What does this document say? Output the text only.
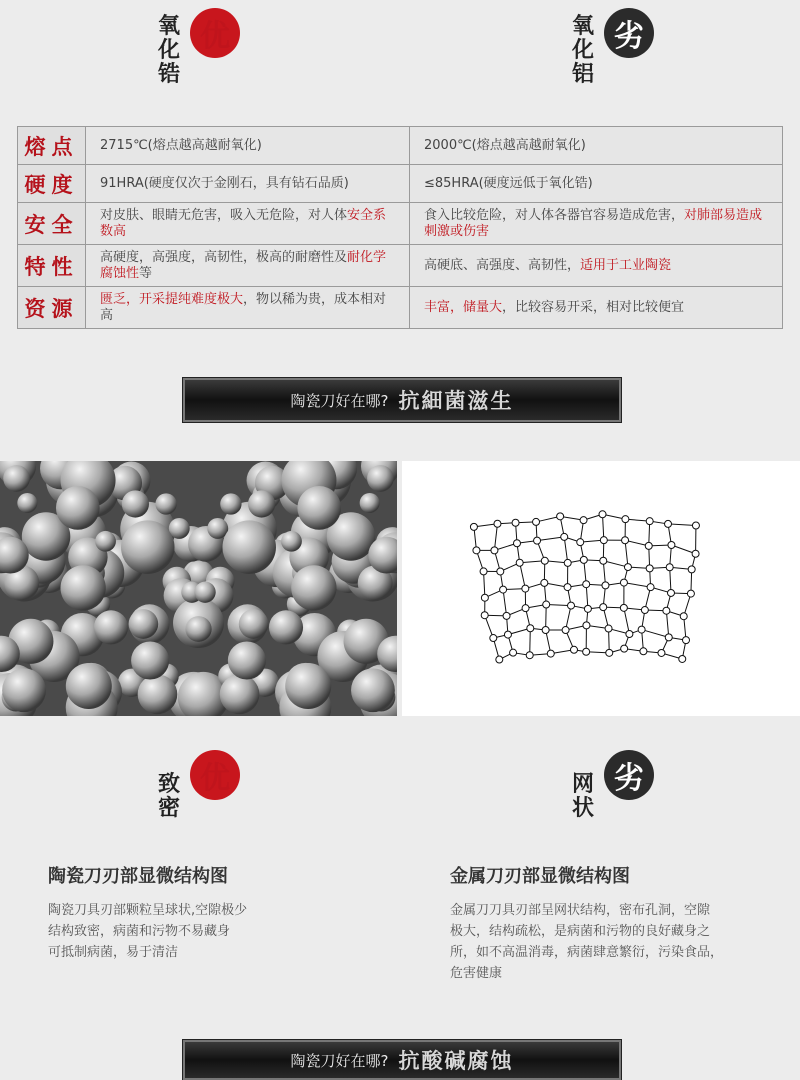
氧化锆
优	氧化铝
劣
熔点	2715℃(熔点越高越耐氧化)	2000℃(熔点越高越耐氧化)
硬度	91HRA(硬度仅次于金刚石，具有钻石品质)	≤85HRA(硬度远低于氧化锆)
安全	对皮肤、眼睛无危害，吸入无危险，对人体安全系数高	食入比较危险，对人体各器官容易造成危害，对肺部易造成刺激或伤害
特性	高硬度，高强度，高韧性，极高的耐磨性及耐化学腐蚀性等	高硬底、高强度、高韧性，适用于工业陶瓷
资源	匮乏，开采提纯难度极大，物以稀为贵，成本相对高	丰富，储量大，比较容易开采，相对比较便宜
陶瓷刀好在哪? 抗細菌滋生
致密
优	网状
劣
陶瓷刀刃部显微结构图
陶瓷刀具刃部颗粒呈球状,空隙极少
结构致密，病菌和污物不易藏身
可抵制病菌，易于清洁
金属刀刃部显微结构图
金属刀刀具刃部呈网状结构，密布孔洞，空隙
极大，结构疏松，是病菌和污物的良好藏身之
所，如不高温消毒，病菌肆意繁衍，污染食品，
危害健康
陶瓷刀好在哪? 抗酸碱腐蚀
